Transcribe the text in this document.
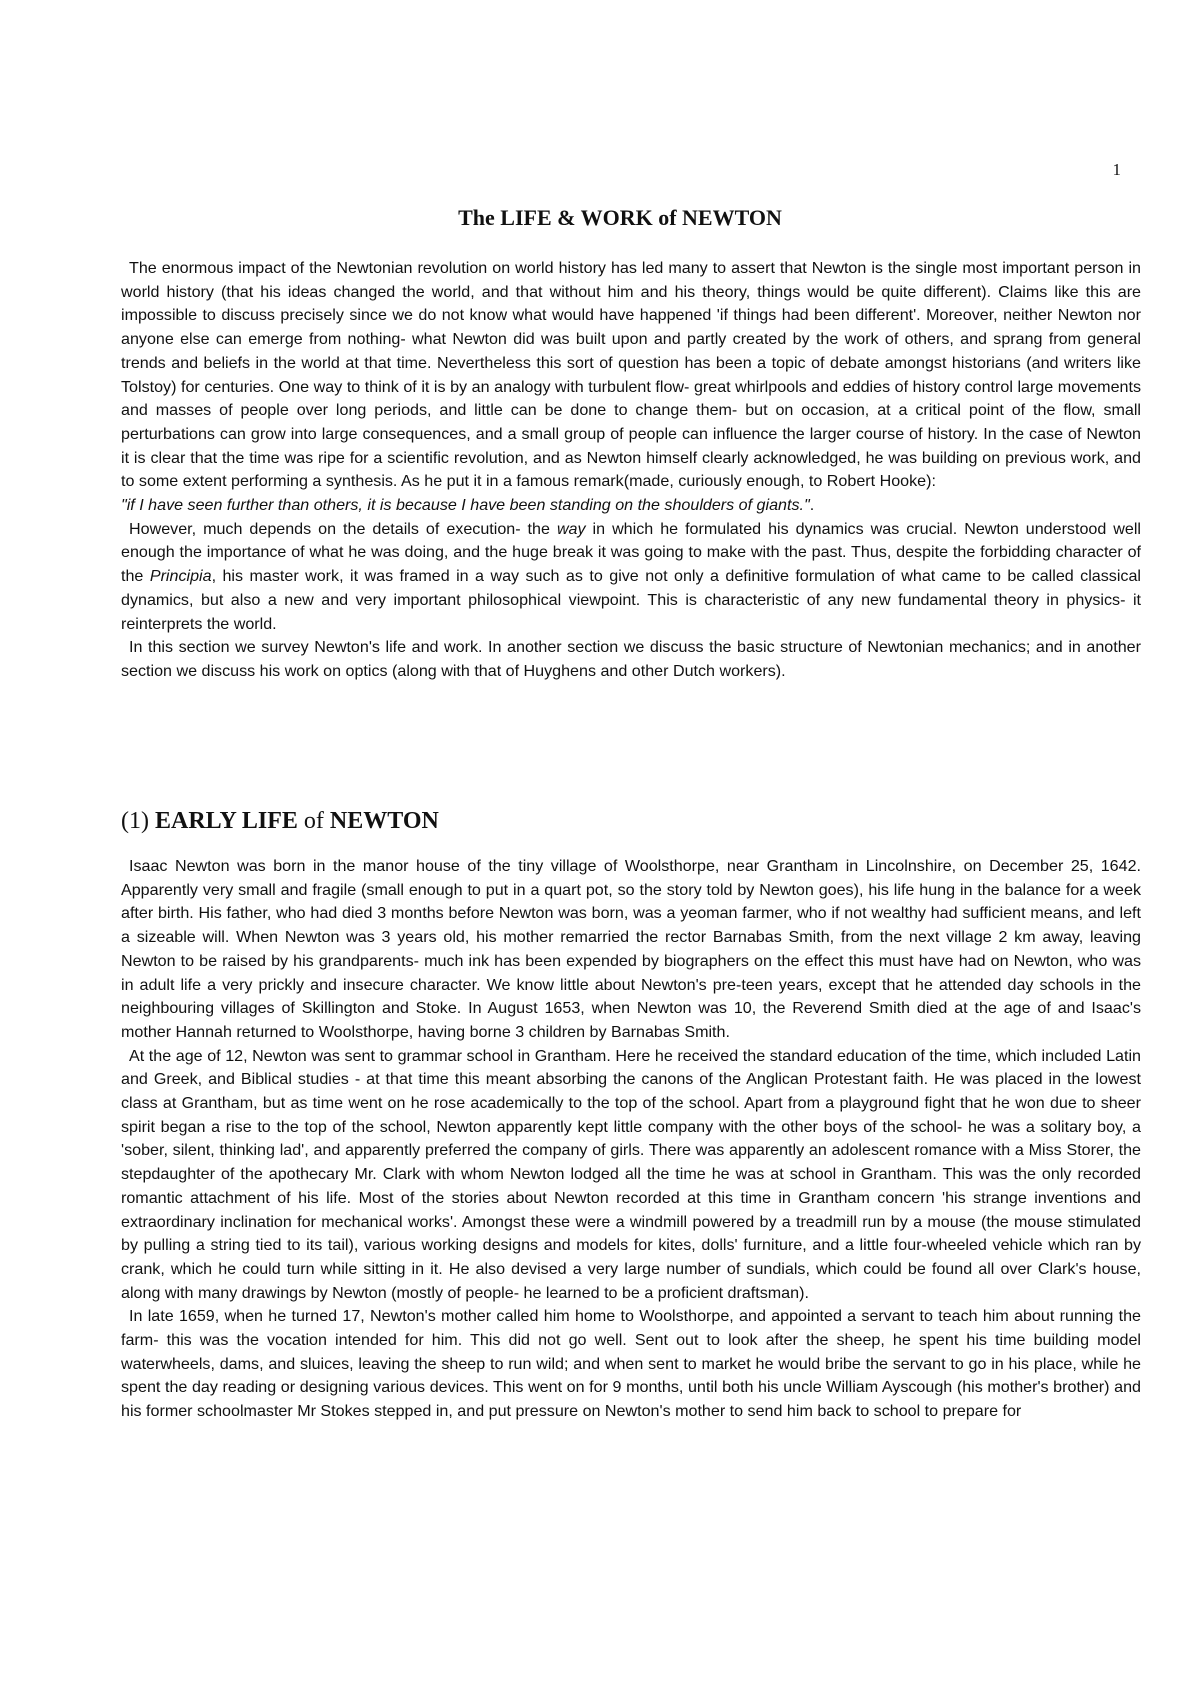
1
The LIFE & WORK of NEWTON

The enormous impact of the Newtonian revolution on world history has led many to assert that Newton is the single most important person in world history (that his ideas changed the world, and that without him and his theory, things would be quite different). Claims like this are impossible to discuss precisely since we do not know what would have happened 'if things had been different'. Moreover, neither Newton nor anyone else can emerge from nothing- what Newton did was built upon and partly created by the work of others, and sprang from general trends and beliefs in the world at that time. Nevertheless this sort of question has been a topic of debate amongst historians (and writers like Tolstoy) for centuries. One way to think of it is by an analogy with turbulent flow- great whirlpools and eddies of history control large movements and masses of people over long periods, and little can be done to change them- but on occasion, at a critical point of the flow, small perturbations can grow into large consequences, and a small group of people can influence the larger course of history. In the case of Newton it is clear that the time was ripe for a scientific revolution, and as Newton himself clearly acknowledged, he was building on previous work, and to some extent performing a synthesis. As he put it in a famous remark(made, curiously enough, to Robert Hooke):
"if I have seen further than others, it is because I have been standing on the shoulders of giants.".

However, much depends on the details of execution- the way in which he formulated his dynamics was crucial. Newton understood well enough the importance of what he was doing, and the huge break it was going to make with the past. Thus, despite the forbidding character of the Principia, his master work, it was framed in a way such as to give not only a definitive formulation of what came to be called classical dynamics, but also a new and very important philosophical viewpoint. This is characteristic of any new fundamental theory in physics- it reinterprets the world.

In this section we survey Newton's life and work. In another section we discuss the basic structure of Newtonian mechanics; and in another section we discuss his work on optics (along with that of Huyghens and other Dutch workers).

(1) EARLY LIFE of NEWTON

Isaac Newton was born in the manor house of the tiny village of Woolsthorpe, near Grantham in Lincolnshire, on December 25, 1642. Apparently very small and fragile (small enough to put in a quart pot, so the story told by Newton goes), his life hung in the balance for a week after birth. His father, who had died 3 months before Newton was born, was a yeoman farmer, who if not wealthy had sufficient means, and left a sizeable will. When Newton was 3 years old, his mother remarried the rector Barnabas Smith, from the next village 2 km away, leaving Newton to be raised by his grandparents- much ink has been expended by biographers on the effect this must have had on Newton, who was in adult life a very prickly and insecure character. We know little about Newton's pre-teen years, except that he attended day schools in the neighbouring villages of Skillington and Stoke. In August 1653, when Newton was 10, the Reverend Smith died at the age of and Isaac's mother Hannah returned to Woolsthorpe, having borne 3 children by Barnabas Smith.

At the age of 12, Newton was sent to grammar school in Grantham. Here he received the standard education of the time, which included Latin and Greek, and Biblical studies - at that time this meant absorbing the canons of the Anglican Protestant faith. He was placed in the lowest class at Grantham, but as time went on he rose academically to the top of the school. Apart from a playground fight that he won due to sheer spirit began a rise to the top of the school, Newton apparently kept little company with the other boys of the school- he was a solitary boy, a 'sober, silent, thinking lad', and apparently preferred the company of girls. There was apparently an adolescent romance with a Miss Storer, the stepdaughter of the apothecary Mr. Clark with whom Newton lodged all the time he was at school in Grantham. This was the only recorded romantic attachment of his life. Most of the stories about Newton recorded at this time in Grantham concern 'his strange inventions and extraordinary inclination for mechanical works'. Amongst these were a windmill powered by a treadmill run by a mouse (the mouse stimulated by pulling a string tied to its tail), various working designs and models for kites, dolls' furniture, and a little four-wheeled vehicle which ran by crank, which he could turn while sitting in it. He also devised a very large number of sundials, which could be found all over Clark's house, along with many drawings by Newton (mostly of people- he learned to be a proficient draftsman).

In late 1659, when he turned 17, Newton's mother called him home to Woolsthorpe, and appointed a servant to teach him about running the farm- this was the vocation intended for him. This did not go well. Sent out to look after the sheep, he spent his time building model waterwheels, dams, and sluices, leaving the sheep to run wild; and when sent to market he would bribe the servant to go in his place, while he spent the day reading or designing various devices. This went on for 9 months, until both his uncle William Ayscough (his mother's brother) and his former schoolmaster Mr Stokes stepped in, and put pressure on Newton's mother to send him back to school to prepare for
